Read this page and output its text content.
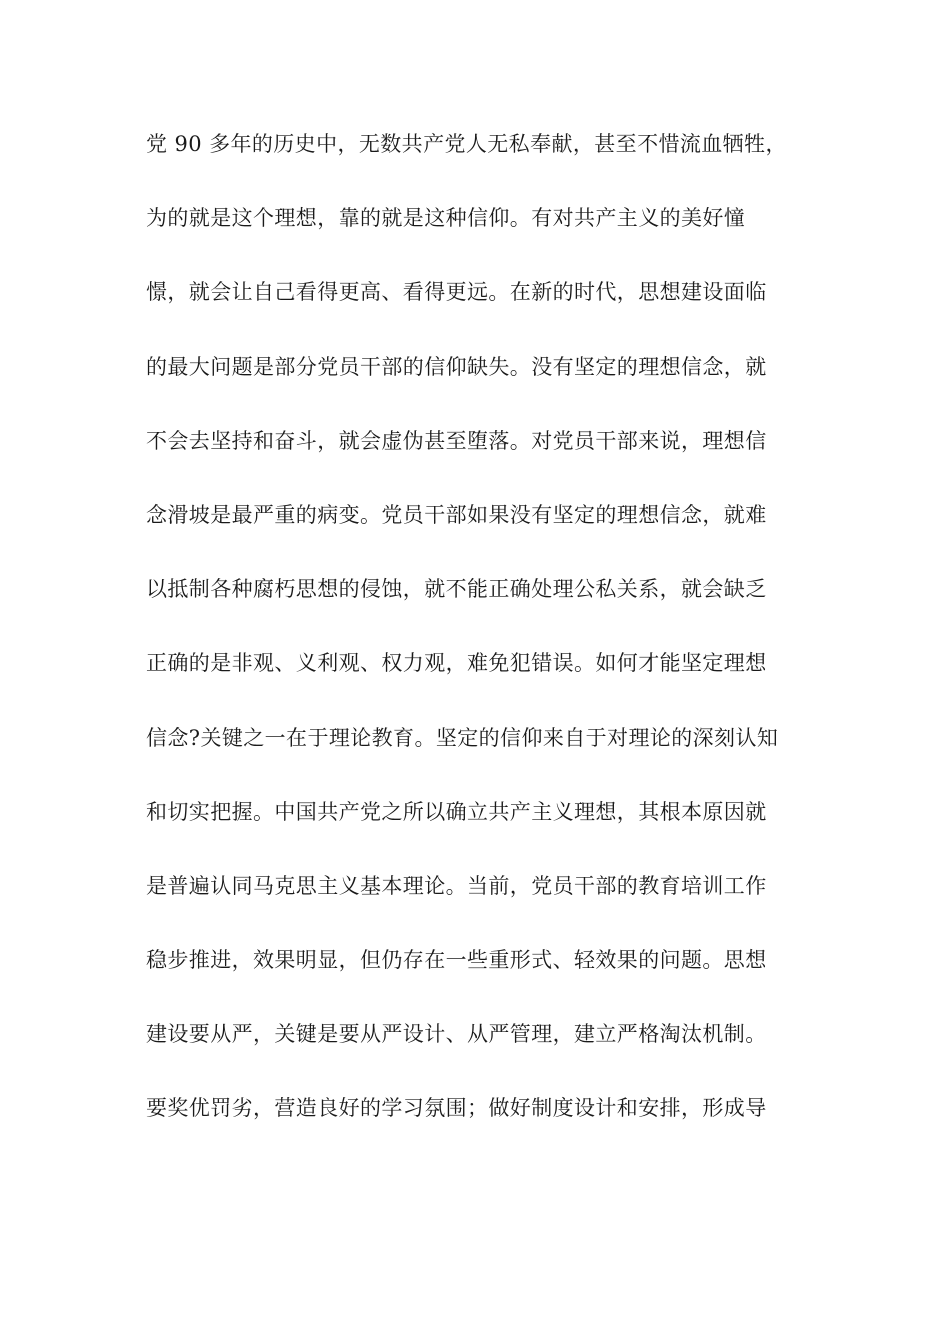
党 90 多年的历史中，无数共产党人无私奉献，甚至不惜流血牺牲，
为的就是这个理想，靠的就是这种信仰。有对共产主义的美好憧
憬，就会让自己看得更高、看得更远。在新的时代，思想建设面临
的最大问题是部分党员干部的信仰缺失。没有坚定的理想信念，就
不会去坚持和奋斗，就会虚伪甚至堕落。对党员干部来说，理想信
念滑坡是最严重的病变。党员干部如果没有坚定的理想信念，就难
以抵制各种腐朽思想的侵蚀，就不能正确处理公私关系，就会缺乏
正确的是非观、义利观、权力观，难免犯错误。如何才能坚定理想
信念?关键之一在于理论教育。坚定的信仰来自于对理论的深刻认知
和切实把握。中国共产党之所以确立共产主义理想，其根本原因就
是普遍认同马克思主义基本理论。当前，党员干部的教育培训工作
稳步推进，效果明显，但仍存在一些重形式、轻效果的问题。思想
建设要从严，关键是要从严设计、从严管理，建立严格淘汰机制。
要奖优罚劣，营造良好的学习氛围；做好制度设计和安排，形成导
